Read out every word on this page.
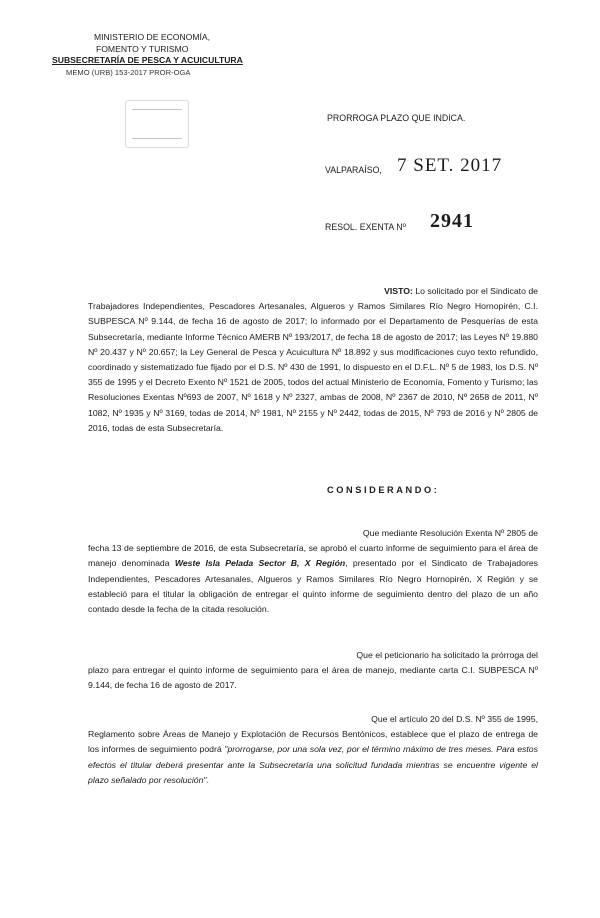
MINISTERIO DE ECONOMÍA,
FOMENTO Y TURISMO
SUBSECRETARÍA DE PESCA Y ACUICULTURA
MEMO (URB) 153-2017 PROR-OGA
PRORROGA PLAZO QUE INDICA.
VALPARAÍSO, 7 SET. 2017
RESOL. EXENTA Nº 2941
VISTO: Lo solicitado por el Sindicato de
Trabajadores Independientes, Pescadores Artesanales, Algueros y Ramos Similares Río Negro Hornopirén, C.I. SUBPESCA Nº 9.144, de fecha 16 de agosto de 2017; lo informado por el Departamento de Pesquerías de esta Subsecretaría, mediante Informe Técnico AMERB Nº 193/2017, de fecha 18 de agosto de 2017; las Leyes Nº 19.880 Nº 20.437 y Nº 20.657; la Ley General de Pesca y Acuicultura Nº 18.892 y sus modificaciones cuyo texto refundido, coordinado y sistematizado fue fijado por el D.S. Nº 430 de 1991, lo dispuesto en el D.F.L. Nº 5 de 1983, los D.S. Nº 355 de 1995 y el Decreto Exento Nº 1521 de 2005, todos del actual Ministerio de Economía, Fomento y Turismo; las Resoluciones Exentas Nº693 de 2007, Nº 1618 y Nº 2327, ambas de 2008, Nº 2367 de 2010, Nº 2658 de 2011, Nº 1082, Nº 1935 y Nº 3169, todas de 2014, Nº 1981, Nº 2155 y Nº 2442, todas de 2015, Nº 793 de 2016 y Nº 2805 de 2016, todas de esta Subsecretaría.
CONSIDERANDO:
Que mediante Resolución Exenta Nº 2805 de
fecha 13 de septiembre de 2016, de esta Subsecretaría, se aprobó el cuarto informe de seguimiento para el área de manejo denominada Weste Isla Pelada Sector B, X Región, presentado por el Sindicato de Trabajadores Independientes, Pescadores Artesanales, Algueros y Ramos Similares Río Negro Hornopirén, X Región y se estableció para el titular la obligación de entregar el quinto informe de seguimiento dentro del plazo de un año contado desde la fecha de la citada resolución.
Que el peticionario ha solicitado la prórroga del
plazo para entregar el quinto informe de seguimiento para el área de manejo, mediante carta C.I. SUBPESCA Nº 9.144, de fecha 16 de agosto de 2017.
Que el artículo 20 del D.S. Nº 355 de 1995,
Reglamento sobre Áreas de Manejo y Explotación de Recursos Bentónicos, establece que el plazo de entrega de los informes de seguimiento podrá "prorrogarse, por una sola vez, por el término máximo de tres meses. Para estos efectos el titular deberá presentar ante la Subsecretaría una solicitud fundada mientras se encuentre vigente el plazo señalado por resolución".
